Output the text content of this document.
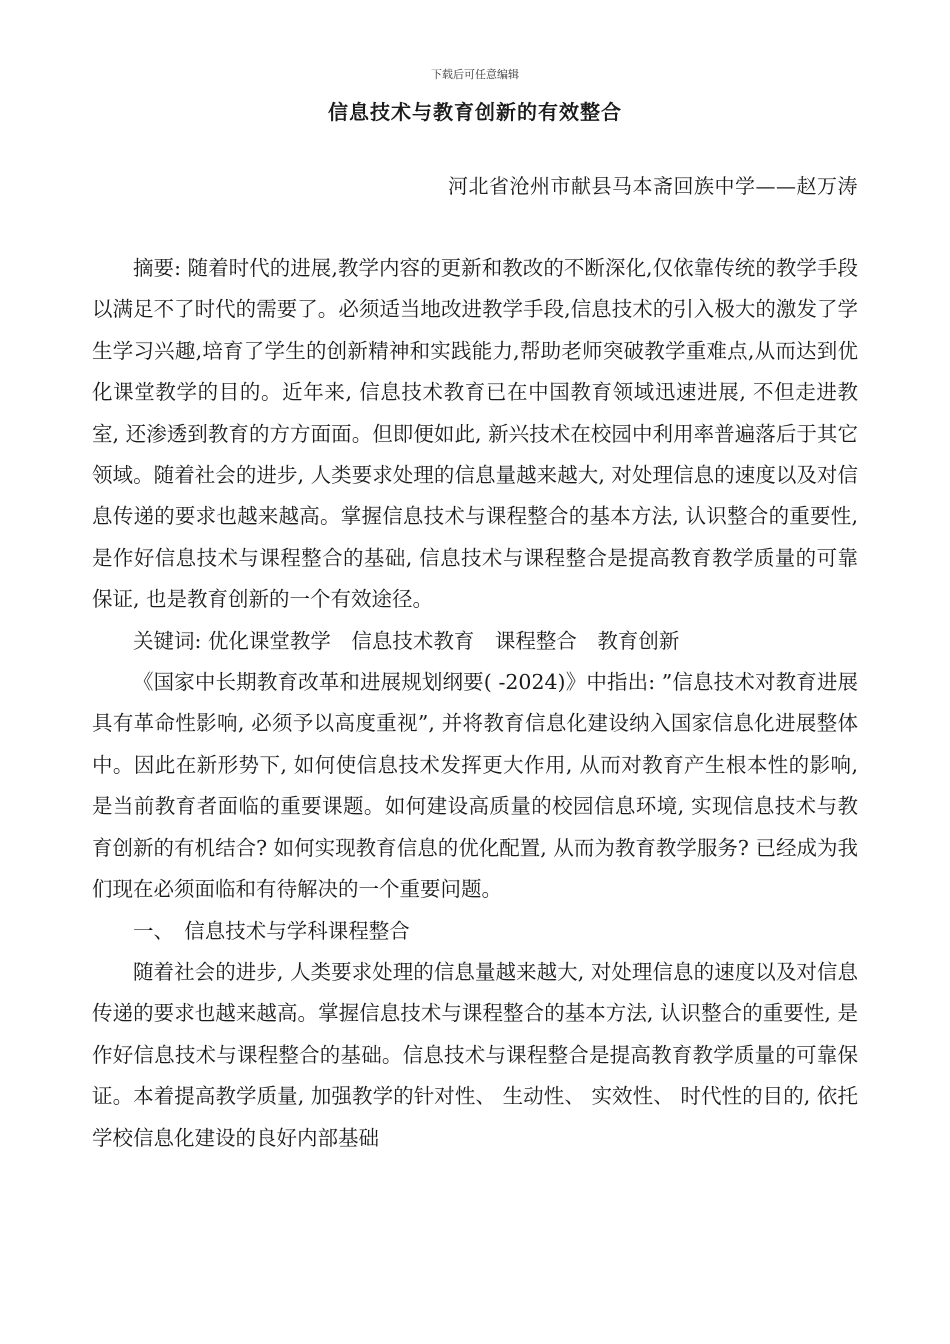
下载后可任意编辑
信息技术与教育创新的有效整合
河北省沧州市献县马本斋回族中学——赵万涛

摘要: 随着时代的进展,教学内容的更新和教改的不断深化,仅依靠传统的教学手段以满足不了时代的需要了。必须适当地改进教学手段,信息技术的引入极大的激发了学生学习兴趣,培育了学生的创新精神和实践能力,帮助老师突破教学重难点,从而达到优化课堂教学的目的。近年来, 信息技术教育已在中国教育领域迅速进展, 不但走进教室, 还渗透到教育的方方面面。但即便如此, 新兴技术在校园中利用率普遍落后于其它领域。随着社会的进步, 人类要求处理的信息量越来越大, 对处理信息的速度以及对信息传递的要求也越来越高。掌握信息技术与课程整合的基本方法, 认识整合的重要性, 是作好信息技术与课程整合的基础, 信息技术与课程整合是提高教育教学质量的可靠保证, 也是教育创新的一个有效途径。

关键词: 优化课堂教学　信息技术教育　课程整合　教育创新

《国家中长期教育改革和进展规划纲要( -2024)》中指出: ”信息技术对教育进展具有革命性影响, 必须予以高度重视”, 并将教育信息化建设纳入国家信息化进展整体中。因此在新形势下, 如何使信息技术发挥更大作用, 从而对教育产生根本性的影响, 是当前教育者面临的重要课题。如何建设高质量的校园信息环境, 实现信息技术与教育创新的有机结合? 如何实现教育信息的优化配置, 从而为教育教学服务? 已经成为我们现在必须面临和有待解决的一个重要问题。

一、　信息技术与学科课程整合

随着社会的进步, 人类要求处理的信息量越来越大, 对处理信息的速度以及对信息传递的要求也越来越高。掌握信息技术与课程整合的基本方法, 认识整合的重要性, 是作好信息技术与课程整合的基础。信息技术与课程整合是提高教育教学质量的可靠保证。本着提高教学质量, 加强教学的针对性、 生动性、 实效性、 时代性的目的, 依托学校信息化建设的良好内部基础
